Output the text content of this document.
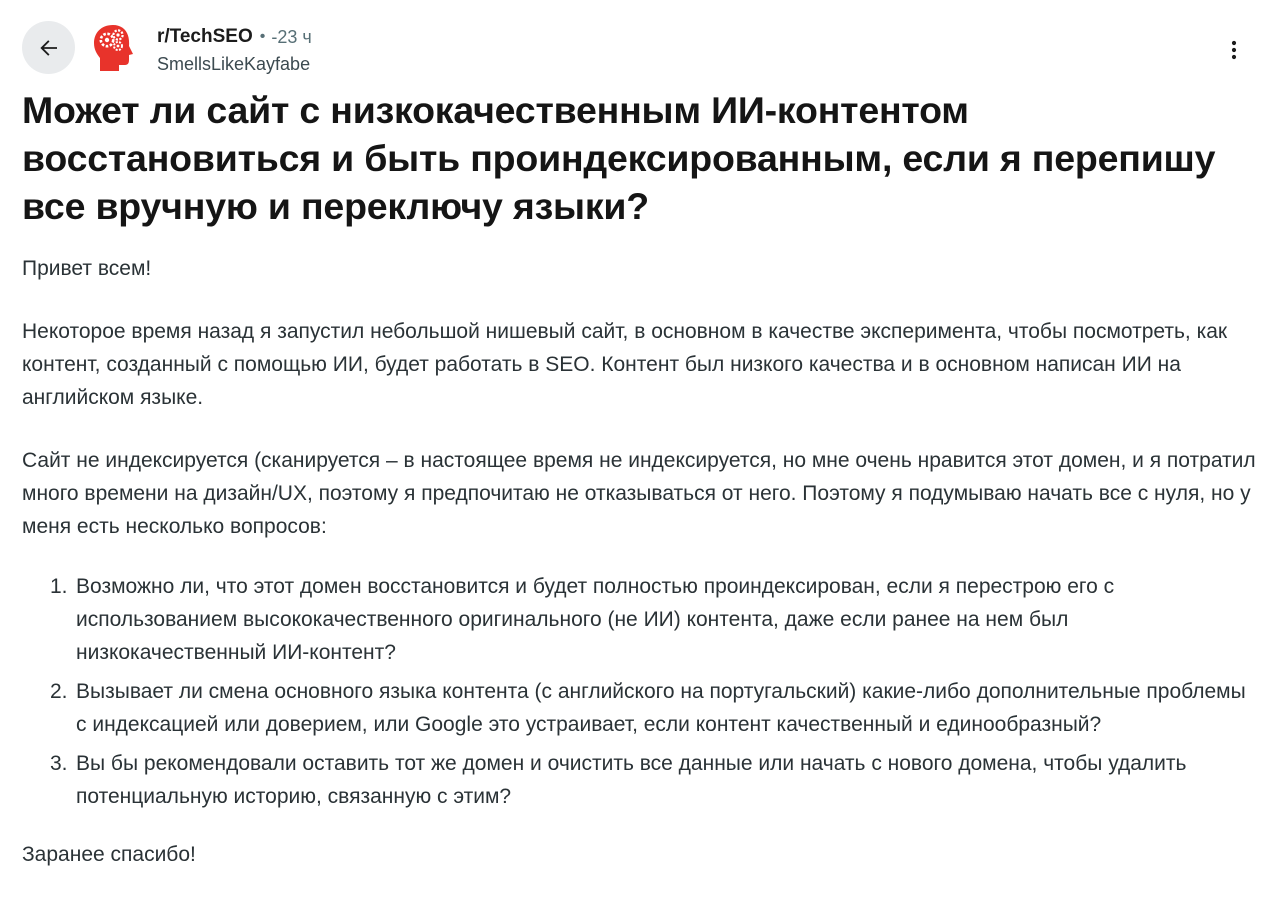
r/TechSEO • -23 ч
SmellsLikeKayfabe
Может ли сайт с низкокачественным ИИ-контентом восстановиться и быть проиндексированным, если я перепишу все вручную и переключу языки?

Привет всем!

Некоторое время назад я запустил небольшой нишевый сайт, в основном в качестве эксперимента, чтобы посмотреть, как контент, созданный с помощью ИИ, будет работать в SEO. Контент был низкого качества и в основном написан ИИ на английском языке.

Сайт не индексируется (сканируется – в настоящее время не индексируется, но мне очень нравится этот домен, и я потратил много времени на дизайн/UX, поэтому я предпочитаю не отказываться от него. Поэтому я подумываю начать все с нуля, но у меня есть несколько вопросов:

1. Возможно ли, что этот домен восстановится и будет полностью проиндексирован, если я перестрою его с использованием высококачественного оригинального (не ИИ) контента, даже если ранее на нем был низкокачественный ИИ-контент?
2. Вызывает ли смена основного языка контента (с английского на португальский) какие-либо дополнительные проблемы с индексацией или доверием, или Google это устраивает, если контент качественный и единообразный?
3. Вы бы рекомендовали оставить тот же домен и очистить все данные или начать с нового домена, чтобы удалить потенциальную историю, связанную с этим?

Заранее спасибо!
